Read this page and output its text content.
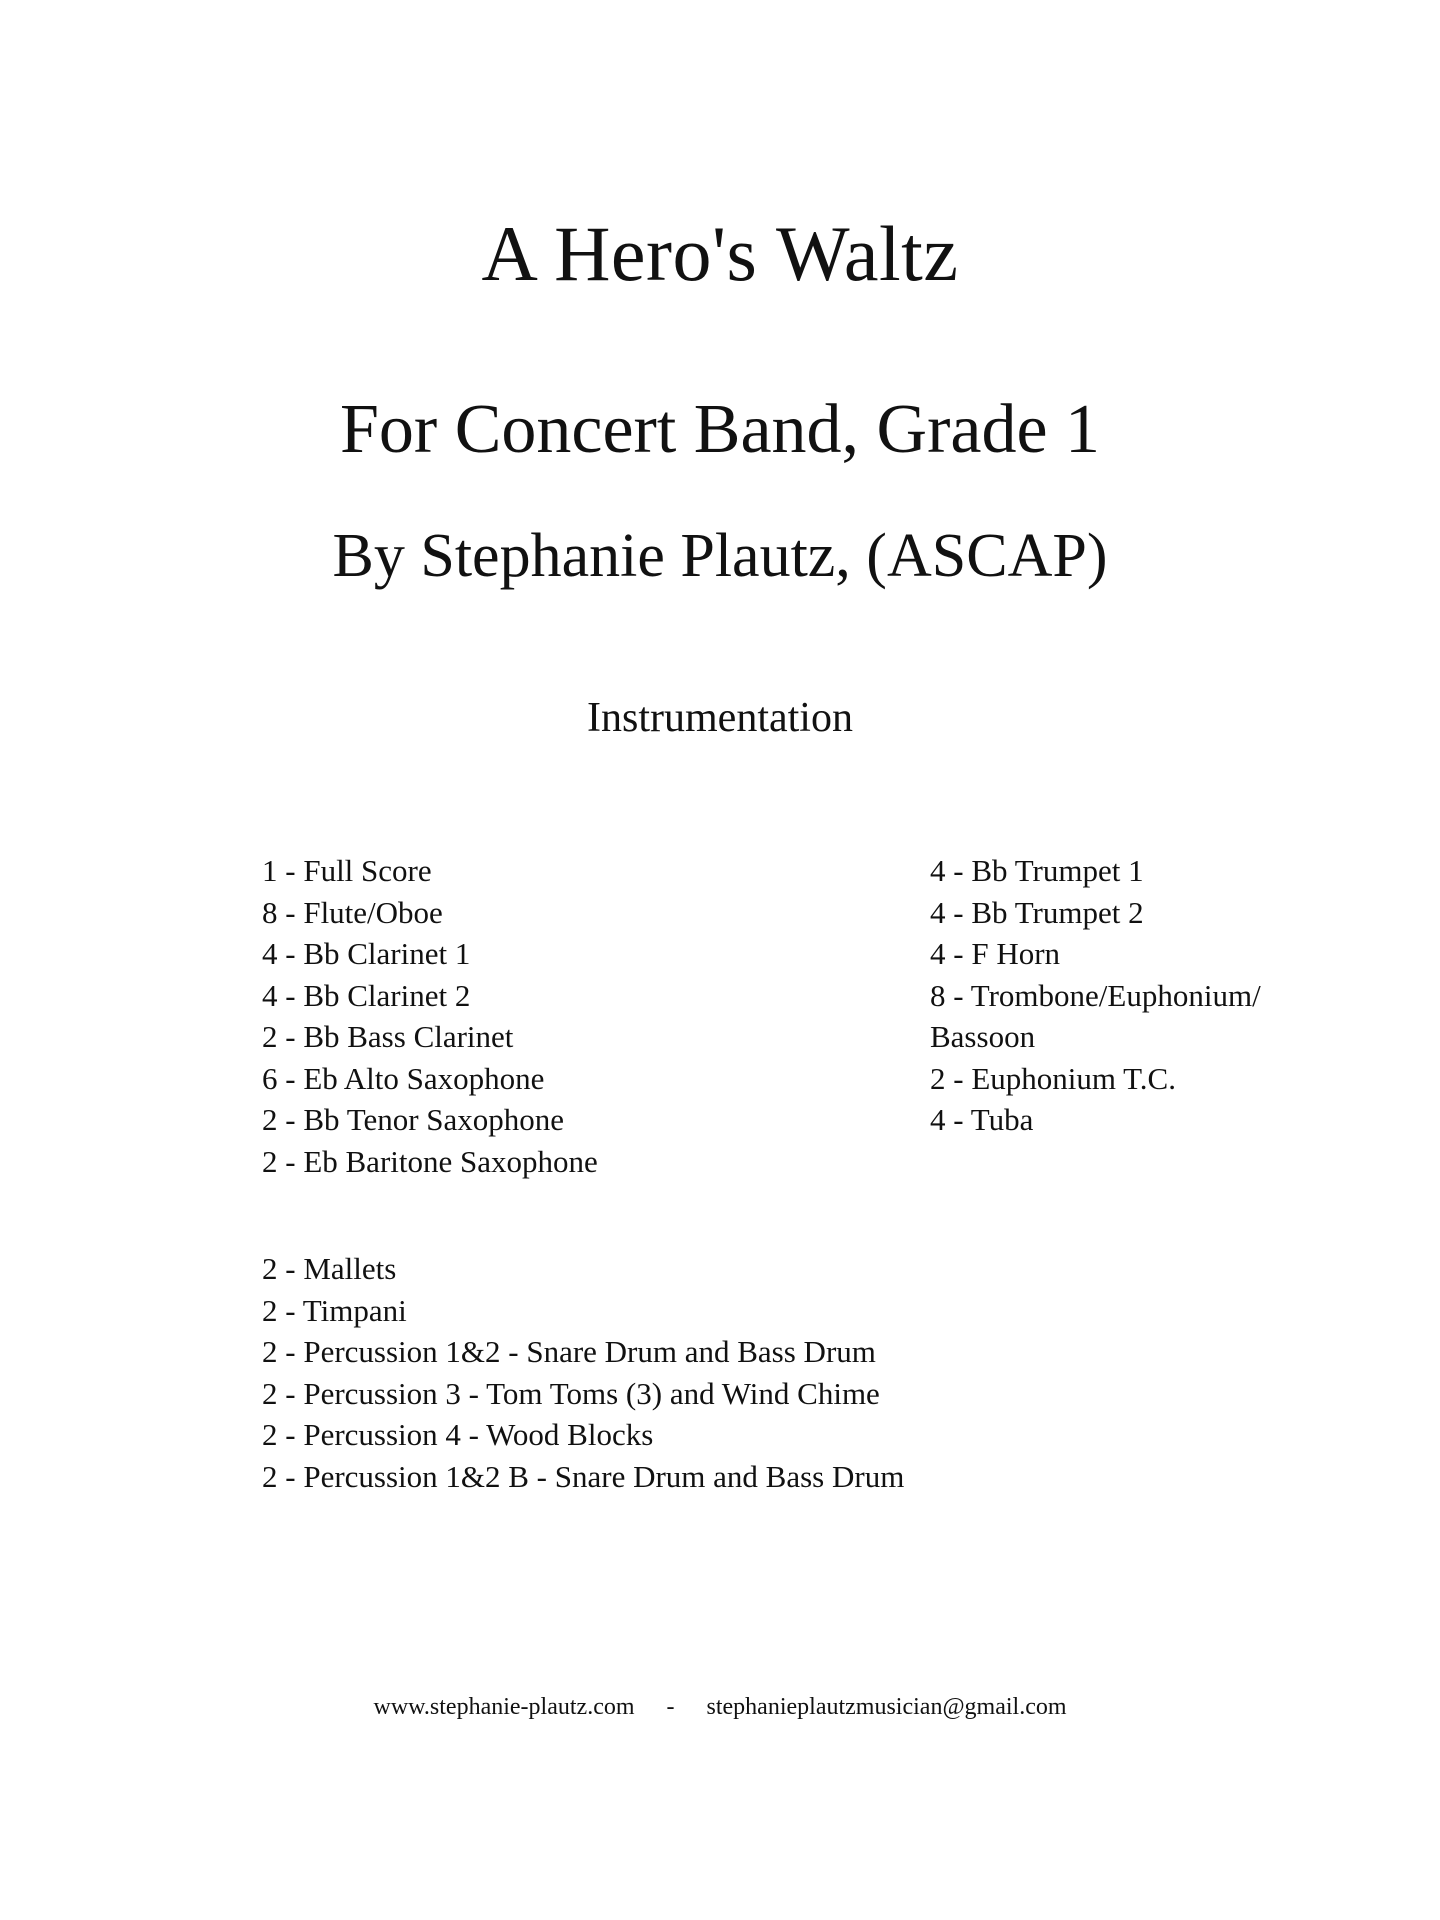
A Hero's Waltz
For Concert Band, Grade 1
By Stephanie Plautz, (ASCAP)
Instrumentation
1 - Full Score
8 - Flute/Oboe
4 - Bb Clarinet 1
4 - Bb Clarinet 2
2 - Bb Bass Clarinet
6 - Eb Alto Saxophone
2 - Bb Tenor Saxophone
2 - Eb Baritone Saxophone
4 - Bb Trumpet 1
4 - Bb Trumpet 2
4 - F Horn
8 - Trombone/Euphonium/
Bassoon
2 - Euphonium T.C.
4 - Tuba
2 - Mallets
2 - Timpani
2 - Percussion 1&2 - Snare Drum and Bass Drum
2 - Percussion 3 - Tom Toms (3) and Wind Chime
2 - Percussion 4 - Wood Blocks
2 - Percussion 1&2 B - Snare Drum and Bass Drum
www.stephanie-plautz.com - stephanieplautzmusician@gmail.com
